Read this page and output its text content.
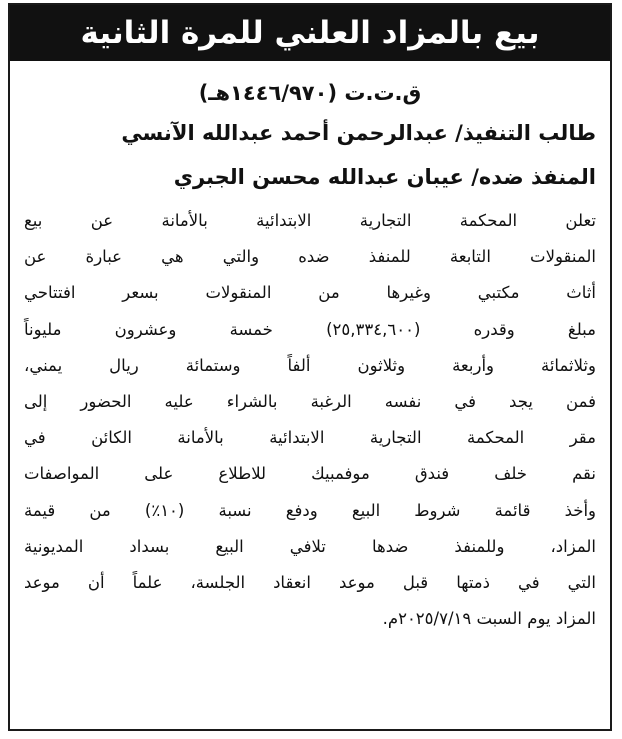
بيع بالمزاد العلني للمرة الثانية
ق.ت.ت (١٤٤٦/٩٧٠هـ)
طالب التنفيذ/ عبدالرحمن أحمد عبدالله الآنسي
المنفذ ضده/ عيبان عبدالله محسن الجبري
تعلن المحكمة التجارية الابتدائية بالأمانة عن بيع
المنقولات التابعة للمنفذ ضده والتي هي عبارة عن
أثاث مكتبي وغيرها من المنقولات بسعر افتتاحي
مبلغ وقدره (٢٥,٣٣٤,٦٠٠) خمسة وعشرون مليوناً
وثلاثمائة وأربعة وثلاثون ألفاً وستمائة ريال يمني،
فمن يجد في نفسه الرغبة بالشراء عليه الحضور إلى
مقر المحكمة التجارية الابتدائية بالأمانة الكائن في
نقم خلف فندق موفمبيك للاطلاع على المواصفات
وأخذ قائمة شروط البيع ودفع نسبة (١٠٪) من قيمة
المزاد، وللمنفذ ضدها تلافي البيع بسداد المديونية
التي في ذمتها قبل موعد انعقاد الجلسة، علماً أن موعد
المزاد يوم السبت ٢٠٢٥/٧/١٩م.
